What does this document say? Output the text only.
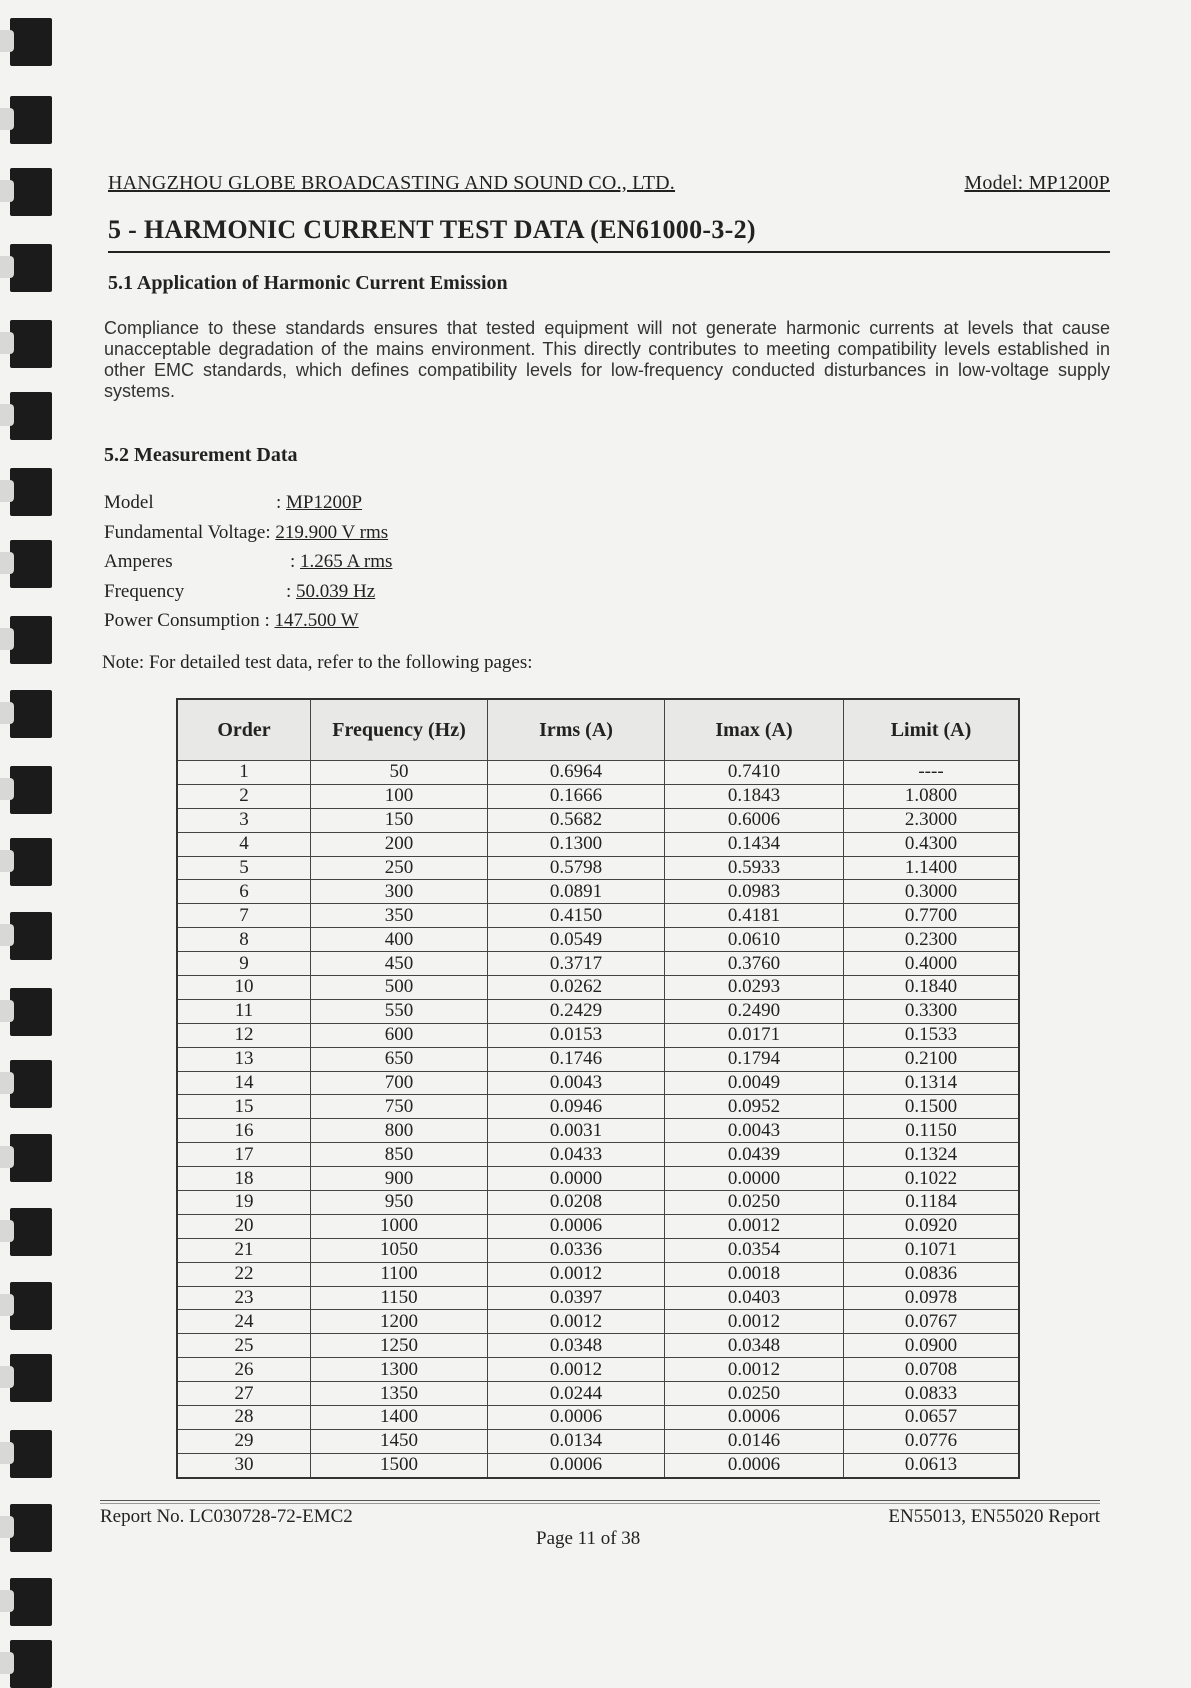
HANGZHOU GLOBE BROADCASTING AND SOUND CO., LTD.	Model: MP1200P
5 - HARMONIC CURRENT TEST DATA (EN61000-3-2)
5.1 Application of Harmonic Current Emission
Compliance to these standards ensures that tested equipment will not generate harmonic currents at levels that cause unacceptable degradation of the mains environment. This directly contributes to meeting compatibility levels established in other EMC standards, which defines compatibility levels for low-frequency conducted disturbances in low-voltage supply systems.
5.2 Measurement Data
Model	: MP1200P
Fundamental Voltage: 219.900 V rms
Amperes	: 1.265 A rms
Frequency	: 50.039 Hz
Power Consumption : 147.500 W
Note: For detailed test data, refer to the following pages:
Order	Frequency (Hz)	Irms (A)	Imax (A)	Limit (A)
1	50	0.6964	0.7410	----
2	100	0.1666	0.1843	1.0800
3	150	0.5682	0.6006	2.3000
4	200	0.1300	0.1434	0.4300
5	250	0.5798	0.5933	1.1400
6	300	0.0891	0.0983	0.3000
7	350	0.4150	0.4181	0.7700
8	400	0.0549	0.0610	0.2300
9	450	0.3717	0.3760	0.4000
10	500	0.0262	0.0293	0.1840
11	550	0.2429	0.2490	0.3300
12	600	0.0153	0.0171	0.1533
13	650	0.1746	0.1794	0.2100
14	700	0.0043	0.0049	0.1314
15	750	0.0946	0.0952	0.1500
16	800	0.0031	0.0043	0.1150
17	850	0.0433	0.0439	0.1324
18	900	0.0000	0.0000	0.1022
19	950	0.0208	0.0250	0.1184
20	1000	0.0006	0.0012	0.0920
21	1050	0.0336	0.0354	0.1071
22	1100	0.0012	0.0018	0.0836
23	1150	0.0397	0.0403	0.0978
24	1200	0.0012	0.0012	0.0767
25	1250	0.0348	0.0348	0.0900
26	1300	0.0012	0.0012	0.0708
27	1350	0.0244	0.0250	0.0833
28	1400	0.0006	0.0006	0.0657
29	1450	0.0134	0.0146	0.0776
30	1500	0.0006	0.0006	0.0613
Report No. LC030728-72-EMC2
Page 11 of 38
EN55013, EN55020 Report
